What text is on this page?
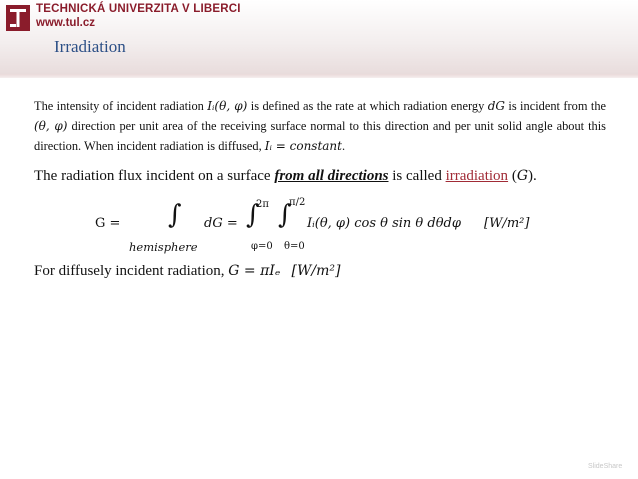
TECHNICKÁ UNIVERZITA V LIBERCI
www.tul.cz
Irradiation

The intensity of incident radiation Iᵢ(θ, φ) is defined as the rate at which radiation energy dG is incident from the (θ, φ) direction per unit area of the receiving surface normal to this direction and per unit solid angle about this direction. When incident radiation is diffused, Iᵢ = constant.

The radiation flux incident on a surface from all directions is called irradiation (G).
G = ∫
hemisphere
dG = ∫
2π
φ=0
∫
π/2
θ=0
Iᵢ(θ, φ) cos θ sin θ dθdφ [W/m²]
For diffusely incident radiation, G = πIₑ [W/m²]
SlideShare
